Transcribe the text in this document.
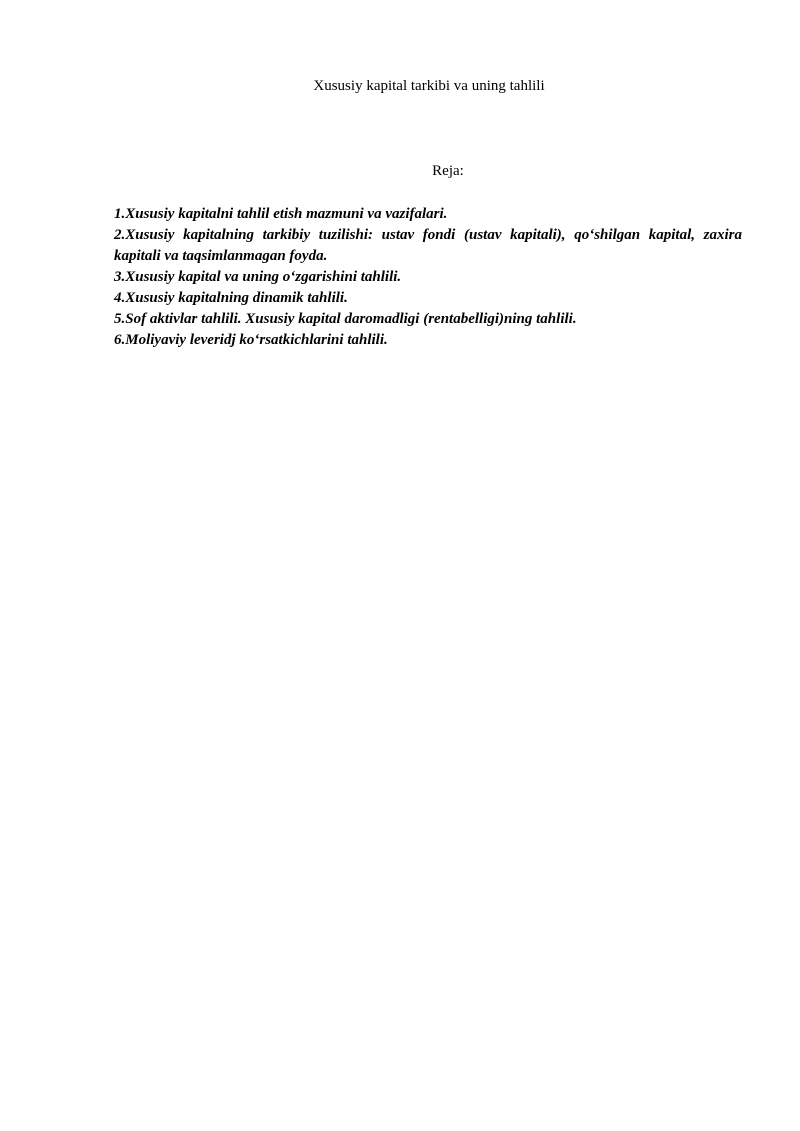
Xususiy kapital tarkibi va uning tahlili
Reja:
1.Xususiy kapitalni tahlil etish mazmuni va vazifalari.
2.Xususiy kapitalning tarkibiy tuzilishi: ustav fondi (ustav kapitali), qo‘shilgan kapital, zaxira kapitali va taqsimlanmagan foyda.
3.Xususiy kapital va uning o‘zgarishini tahlili.
4.Xususiy kapitalning dinamik tahlili.
5.Sof aktivlar tahlili. Xususiy kapital daromadligi (rentabelligi)ning tahlili.
6.Moliyaviy leveridj ko‘rsatkichlarini tahlili.
